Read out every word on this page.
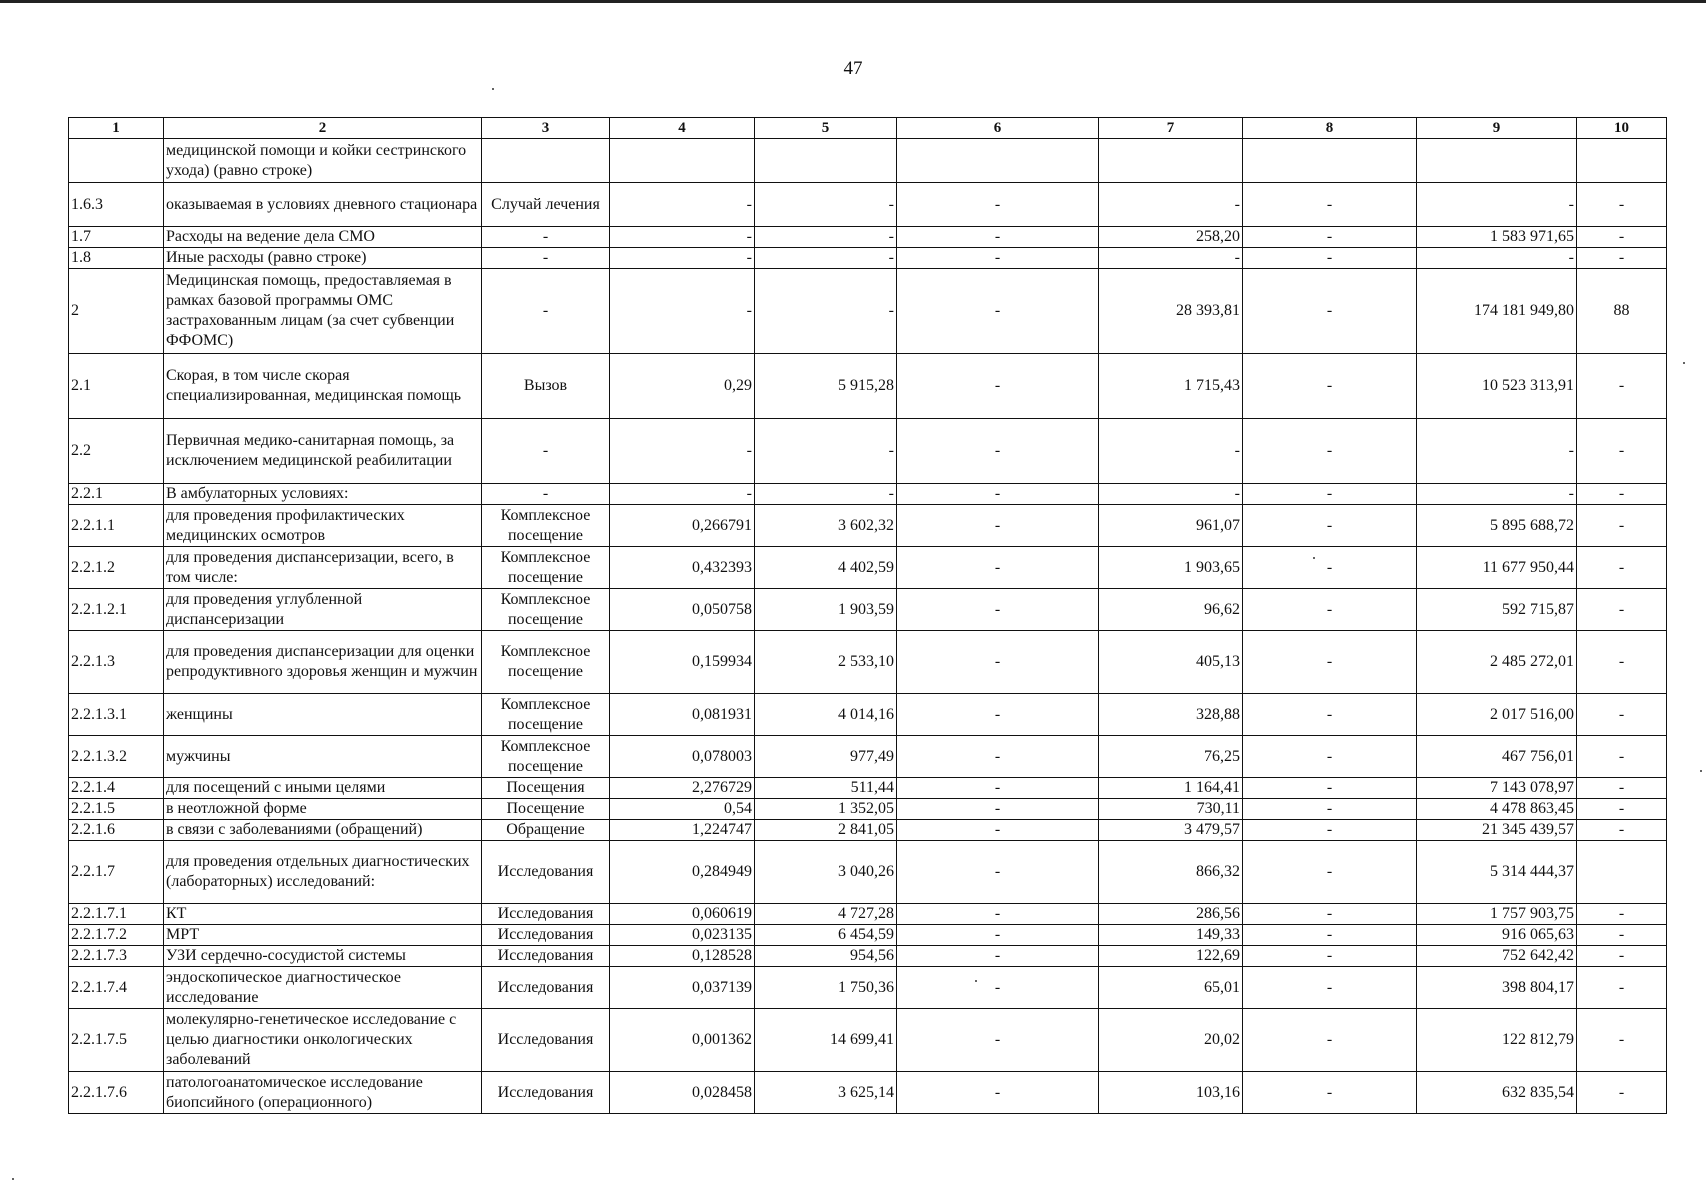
47
1	2	3	4	5	6	7	8	9	10
	медицинской помощи и койки сестринского ухода) (равно строке)								
1.6.3	оказываемая в условиях дневного стационара	Случай лечения	-	-	-	-	-	-	-
1.7	Расходы на ведение дела СМО	-	-	-	-	258,20	-	1 583 971,65	-
1.8	Иные расходы (равно строке)	-	-	-	-	-	-	-	-
2	Медицинская помощь, предоставляемая в рамках базовой программы ОМС застрахованным лицам (за счет субвенции ФФОМС)	-	-	-	-	28 393,81	-	174 181 949,80	88
2.1	Скорая, в том числе скорая специализированная, медицинская помощь	Вызов	0,29	5 915,28	-	1 715,43	-	10 523 313,91	-
2.2	Первичная медико-санитарная помощь, за исключением медицинской реабилитации	-	-	-	-	-	-	-	-
2.2.1	В амбулаторных условиях:	-	-	-	-	-	-	-	-
2.2.1.1	для проведения профилактических медицинских осмотров	Комплексное посещение	0,266791	3 602,32	-	961,07	-	5 895 688,72	-
2.2.1.2	для проведения диспансеризации, всего, в том числе:	Комплексное посещение	0,432393	4 402,59	-	1 903,65	-	11 677 950,44	-
2.2.1.2.1	для проведения углубленной диспансеризации	Комплексное посещение	0,050758	1 903,59	-	96,62	-	592 715,87	-
2.2.1.3	для проведения диспансеризации для оценки репродуктивного здоровья женщин и мужчин	Комплексное посещение	0,159934	2 533,10	-	405,13	-	2 485 272,01	-
2.2.1.3.1	женщины	Комплексное посещение	0,081931	4 014,16	-	328,88	-	2 017 516,00	-
2.2.1.3.2	мужчины	Комплексное посещение	0,078003	977,49	-	76,25	-	467 756,01	-
2.2.1.4	для посещений с иными целями	Посещения	2,276729	511,44	-	1 164,41	-	7 143 078,97	-
2.2.1.5	в неотложной форме	Посещение	0,54	1 352,05	-	730,11	-	4 478 863,45	-
2.2.1.6	в связи с заболеваниями (обращений)	Обращение	1,224747	2 841,05	-	3 479,57	-	21 345 439,57	-
2.2.1.7	для проведения отдельных диагностических (лабораторных) исследований:	Исследования	0,284949	3 040,26	-	866,32	-	5 314 444,37	
2.2.1.7.1	КТ	Исследования	0,060619	4 727,28	-	286,56	-	1 757 903,75	-
2.2.1.7.2	МРТ	Исследования	0,023135	6 454,59	-	149,33	-	916 065,63	-
2.2.1.7.3	УЗИ сердечно-сосудистой системы	Исследования	0,128528	954,56	-	122,69	-	752 642,42	-
2.2.1.7.4	эндоскопическое диагностическое исследование	Исследования	0,037139	1 750,36	-	65,01	-	398 804,17	-
2.2.1.7.5	молекулярно-генетическое исследование с целью диагностики онкологических заболеваний	Исследования	0,001362	14 699,41	-	20,02	-	122 812,79	-
2.2.1.7.6	патологоанатомическое исследование биопсийного (операционного)	Исследования	0,028458	3 625,14	-	103,16	-	632 835,54	-
